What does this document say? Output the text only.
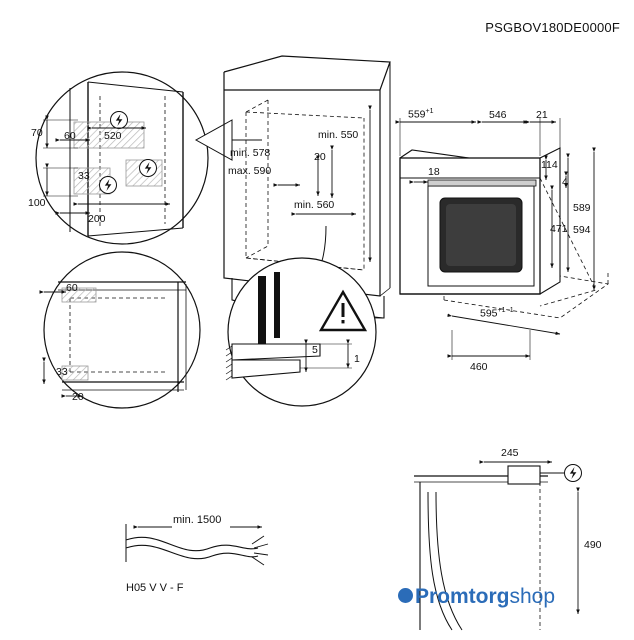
PSGBOV180DE0000F
70 60	520
33
100
200
min. 550
min. 578
max. 590
20
min. 560
$559^{+1}$	546	21
18
114
4
589
594
471
$595^{+1 -1}$
460
60
33
20
5
1
245
490
min. 1500
H05 V V - F	Promtorgshop
